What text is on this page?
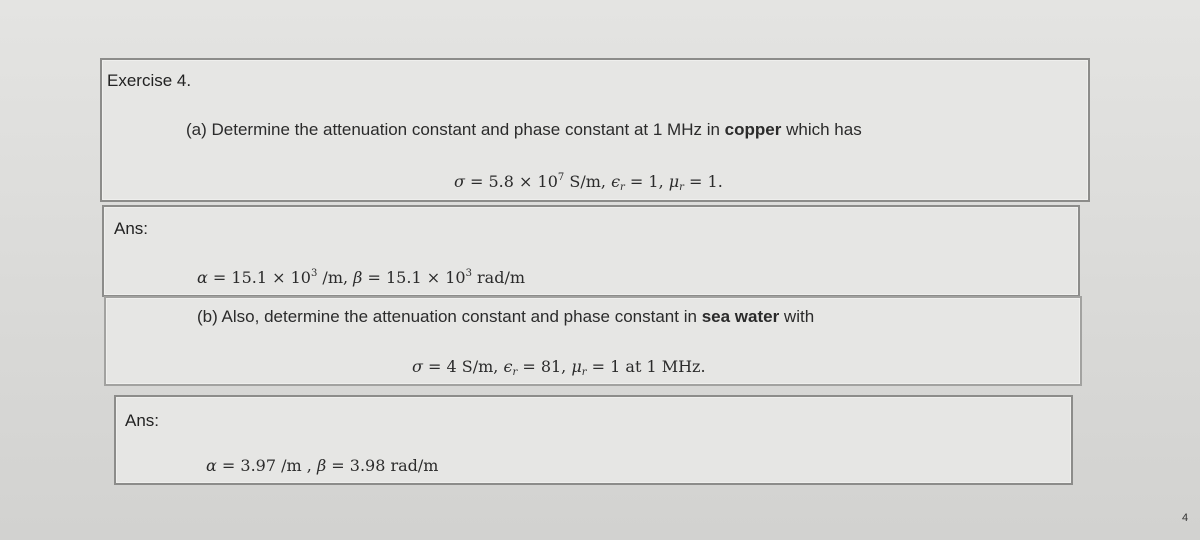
Exercise 4.
(a) Determine the attenuation constant and phase constant at 1 MHz in copper which has
$\sigma = 5.8 \times 10^7$ S/m, $\epsilon_r = 1$, $\mu_r = 1$.
Ans:
$\alpha = 15.1 \times 10^3$ /m, $\beta = 15.1 \times 10^3$ rad/m
(b) Also, determine the attenuation constant and phase constant in sea water with
σ = 4 S/m, $\epsilon_r = 81$, $\mu_r = 1$ at 1 MHz.
Ans:
α = 3.97 /m , β = 3.98 rad/m
4
